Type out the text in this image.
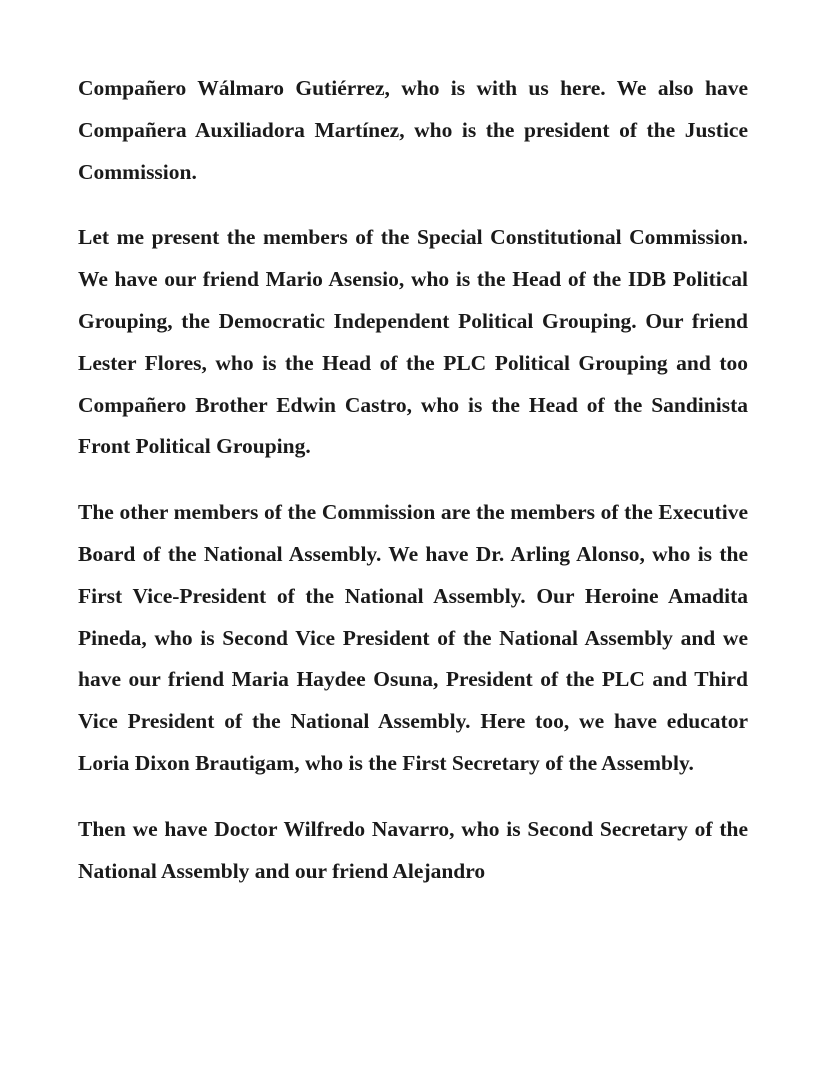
Compañero Wálmaro Gutiérrez, who is with us here. We also have Compañera Auxiliadora Martínez, who is the president of the Justice Commission.

Let me present the members of the Special Constitutional Commission. We have our friend Mario Asensio, who is the Head of the IDB Political Grouping, the Democratic Independent Political Grouping. Our friend Lester Flores, who is the Head of the PLC Political Grouping and too Compañero Brother Edwin Castro, who is the Head of the Sandinista Front Political Grouping.

The other members of the Commission are the members of the Executive Board of the National Assembly. We have Dr. Arling Alonso, who is the First Vice-President of the National Assembly. Our Heroine Amadita Pineda, who is Second Vice President of the National Assembly and we have our friend Maria Haydee Osuna, President of the PLC and Third Vice President of the National Assembly. Here too, we have educator Loria Dixon Brautigam, who is the First Secretary of the Assembly.

Then we have Doctor Wilfredo Navarro, who is Second Secretary of the National Assembly and our friend Alejandro
